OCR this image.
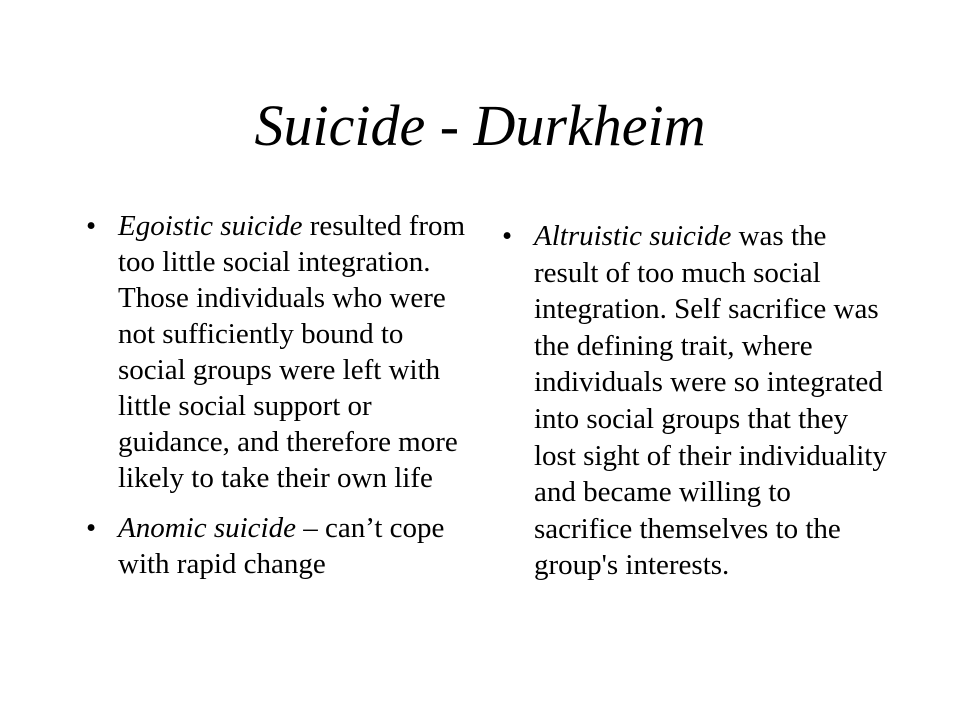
Suicide - Durkheim
• Egoistic suicide resulted from too little social integration. Those individuals who were not sufficiently bound to social groups were left with little social support or guidance, and therefore more likely to take their own life
• Anomic suicide – can’t cope with rapid change
• Altruistic suicide was the result of too much social integration. Self sacrifice was the defining trait, where individuals were so integrated into social groups that they lost sight of their individuality and became willing to sacrifice themselves to the group's interests.
